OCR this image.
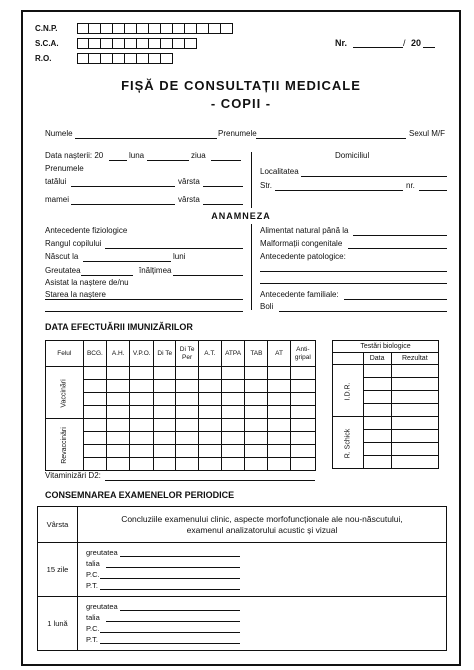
C.N.P.
S.C.A.
R.O.
Nr.	/ 20
FIȘĂ DE CONSULTAȚII MEDICALE
- COPII -
Numele	Prenumele	Sexul M/F
Data nașterii: 20	luna	ziua	Domiciliul
Prenumele	Localitatea
tatălui	vârsta	Str.	nr.
mamei	vârsta
ANAMNEZA
Antecedente fiziologice
Rangul copilului
Născut la	luni
Greutatea	înălțimea
Asistat la naștere de/nu
Starea la naștere
Alimentat natural până la
Malformații congenitale
Antecedente patologice:
Antecedente familiale:
Boli
DATA EFECTUĂRII IMUNIZĂRILOR
Felul	BCG.	A.H.	V.P.O.	Di Te	Di Te Per	A.T.	ATPA	TAB	AT	Anti-gripal
Vaccinări										

Revaccinări										

Testări biologice		
	Data	Rezultat
I.D.R.		

R. Schick		

Vitaminizări D2:
CONSEMNAREA EXAMENELOR PERIODICE
Vârsta	Concluziile examenului clinic, aspecte morfofuncționale ale nou-născutului, examenul analizatorului acustic și vizual
15 zile	greutatea
talia
P.C.
P.T.

1 lună	greutatea
talia
P.C.
P.T.
